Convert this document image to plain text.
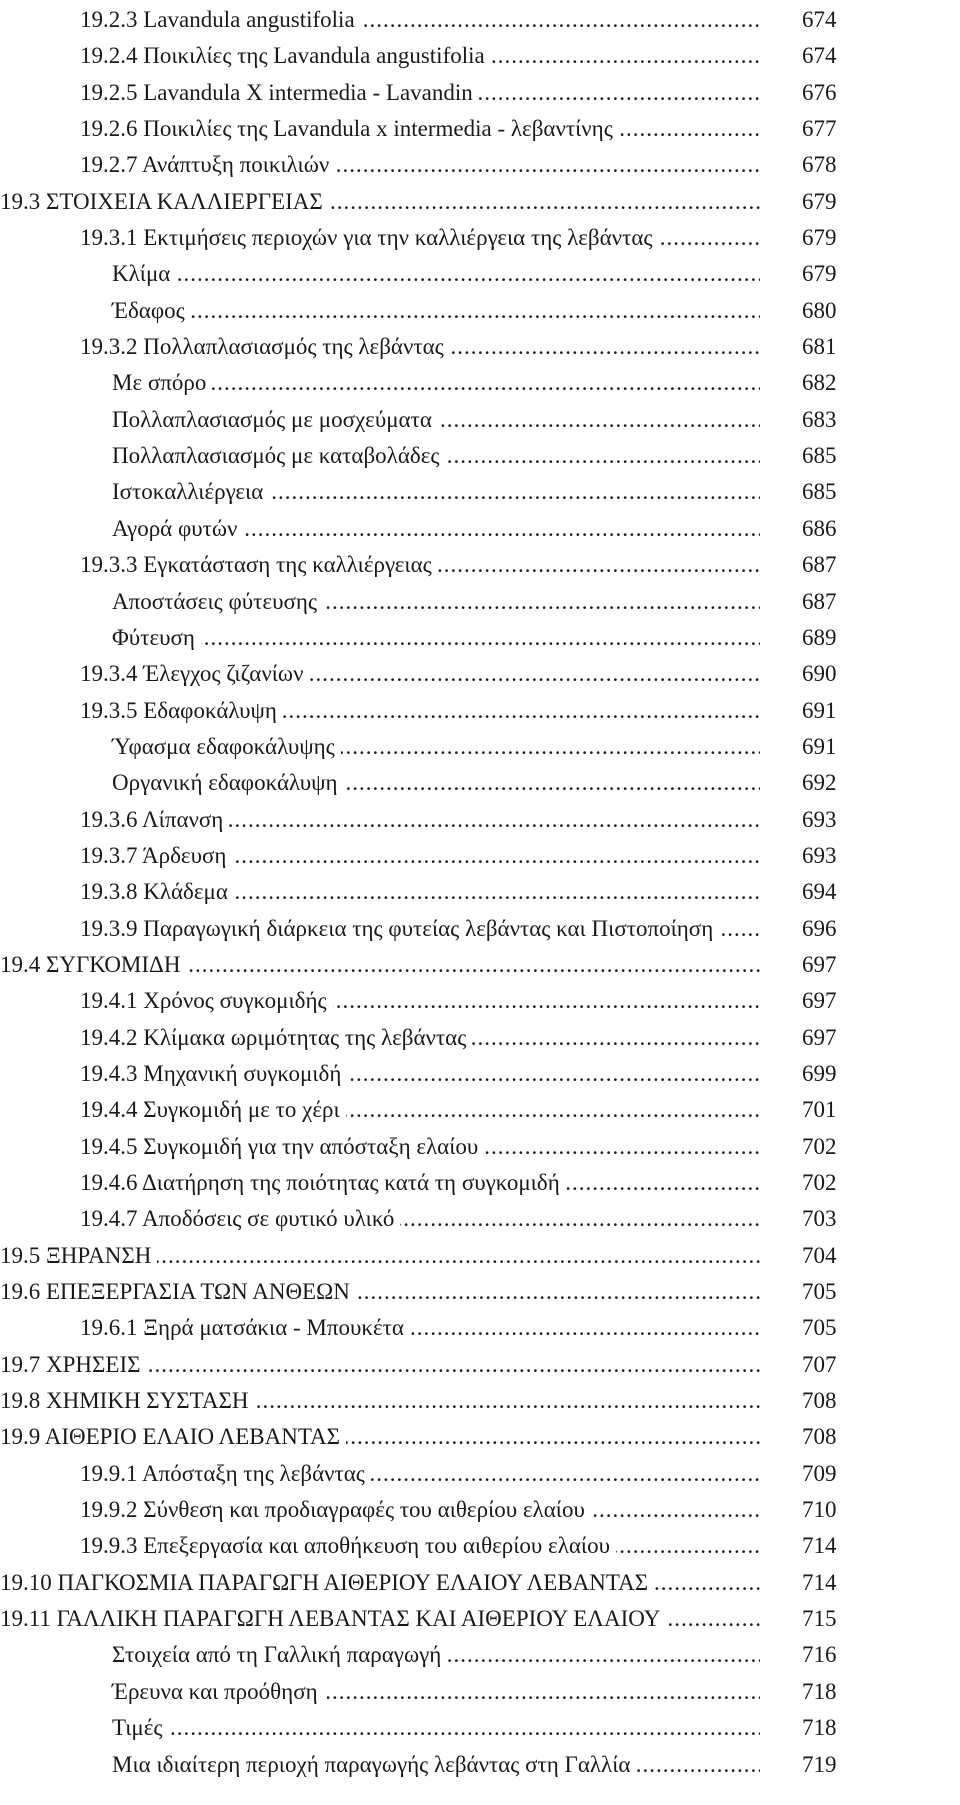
19.2.3 Lavandula angustifolia .....	674
19.2.4 Ποικιλίες της Lavandula angustifolia .....	674
19.2.5 Lavandula X intermedia - Lavandin .....	676
19.2.6 Ποικιλίες της Lavandula x intermedia - λεβαντίνης .....	677
19.2.7 Ανάπτυξη ποικιλιών .....	678
19.3 ΣΤΟΙΧΕΙΑ ΚΑΛΛΙΕΡΓΕΙΑΣ .....	679
19.3.1 Εκτιμήσεις περιοχών για την καλλιέργεια της λεβάντας .....	679
Κλίμα .....	679
Έδαφος .....	680
19.3.2 Πολλαπλασιασμός της λεβάντας .....	681
Με σπόρο .....	682
Πολλαπλασιασμός με μοσχεύματα .....	683
Πολλαπλασιασμός με καταβολάδες .....	685
Ιστοκαλλιέργεια .....	685
Αγορά φυτών .....	686
19.3.3 Εγκατάσταση της καλλιέργειας .....	687
Αποστάσεις φύτευσης .....	687
Φύτευση .....	689
19.3.4 Έλεγχος ζιζανίων .....	690
19.3.5 Εδαφοκάλυψη .....	691
Ύφασμα εδαφοκάλυψης .....	691
Οργανική εδαφοκάλυψη .....	692
19.3.6 Λίπανση .....	693
19.3.7 Άρδευση .....	693
19.3.8 Κλάδεμα .....	694
19.3.9 Παραγωγική διάρκεια της φυτείας λεβάντας και Πιστοποίηση .....	696
19.4 ΣΥΓΚΟΜΙΔΗ .....	697
19.4.1 Χρόνος συγκομιδής .....	697
19.4.2 Κλίμακα ωριμότητας της λεβάντας .....	697
19.4.3 Μηχανική συγκομιδή .....	699
19.4.4 Συγκομιδή με το χέρι .....	701
19.4.5 Συγκομιδή για την απόσταξη ελαίου .....	702
19.4.6 Διατήρηση της ποιότητας κατά τη συγκομιδή .....	702
19.4.7 Αποδόσεις σε φυτικό υλικό .....	703
19.5 ΞΗΡΑΝΣΗ .....	704
19.6 ΕΠΕΞΕΡΓΑΣΙΑ ΤΩΝ ΑΝΘΕΩΝ .....	705
19.6.1 Ξηρά ματσάκια - Μπουκέτα .....	705
19.7 ΧΡΗΣΕΙΣ .....	707
19.8 ΧΗΜΙΚΗ ΣΥΣΤΑΣΗ .....	708
19.9 ΑΙΘΕΡΙΟ ΕΛΑΙΟ ΛΕΒΑΝΤΑΣ .....	708
19.9.1 Απόσταξη της λεβάντας .....	709
19.9.2 Σύνθεση και προδιαγραφές του αιθερίου ελαίου .....	710
19.9.3 Επεξεργασία και αποθήκευση του αιθερίου ελαίου .....	714
19.10 ΠΑΓΚΟΣΜΙΑ ΠΑΡΑΓΩΓΗ ΑΙΘΕΡΙΟΥ ΕΛΑΙΟΥ ΛΕΒΑΝΤΑΣ .....	714
19.11 ΓΑΛΛΙΚΗ ΠΑΡΑΓΩΓΗ ΛΕΒΑΝΤΑΣ ΚΑΙ ΑΙΘΕΡΙΟΥ ΕΛΑΙΟΥ .....	715
Στοιχεία από τη Γαλλική παραγωγή .....	716
Έρευνα και προόθηση .....	718
Τιμές .....	718
Μια ιδιαίτερη περιοχή παραγωγής λεβάντας στη Γαλλία .....	719
